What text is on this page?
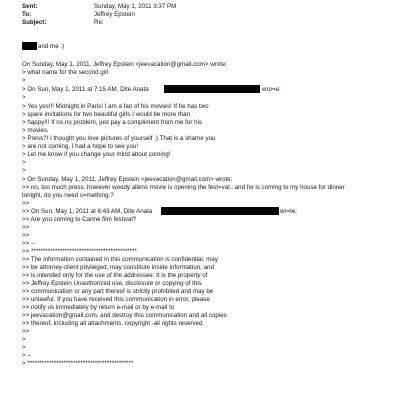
Sent:	Sunday, May 1, 2011 3:37 PM
To:	Jeffrey Epstein
Subject:	Re:
and me :)
On Sunday, May 1, 2011, Jeffrey Epstein <jeevacation@gmail.com> wrote:
> what name for the second girl
>
> On Sun, May 1, 2011 at 7:15 AM, Dite Anata
>
> Yes yes!!! Midnight in Paris! I am a fan of his movies! If he has two
> spare invitations for two beautiful girls I would be more than
> happy!!! If no,no problem, just pay a compliment from me for his
> movies.
> Press?! I thought you love pictures of yourself ;) That is a shame you
> are not coming. I had a hope to see you!
> Let me know if you change your mind about coming!
>
>
> On Sunday, May 1, 2011, Jeffrey Epstein <jeevacation@gmail.com> wrote:
>> no, too much press. however woody allens movie is opening the fest=val.. and he is coming to my house for dinner
tonight, do you need s=mething.?
>>
>> On Sun, May 1, 2011 at 6:43 AM, Dite Anata
>> Are you coming to Canne film festival?
>>
>>
>> --
>> ********************************************
>> The information contained in this communication is confidential, may
>> be attorney-client privileged, may constitute inside information, and
>> is intended only for the use of the addressee. It is the property of
>> Jeffrey Epstein Unauthorized use, disclosure or copying of this
>> communication or any part thereof is strictly prohibited and may be
>> unlawful. If you have received this communication in error, please
>> notify us immediately by return e-mail or by e-mail to
>> jeevacation@gmail.com, and destroy this communication and all copies
>> thereof, including all attachments. copyright -all rights reserved
>>
>
>
> --
> ********************************************
wro=e:
wr=te:
